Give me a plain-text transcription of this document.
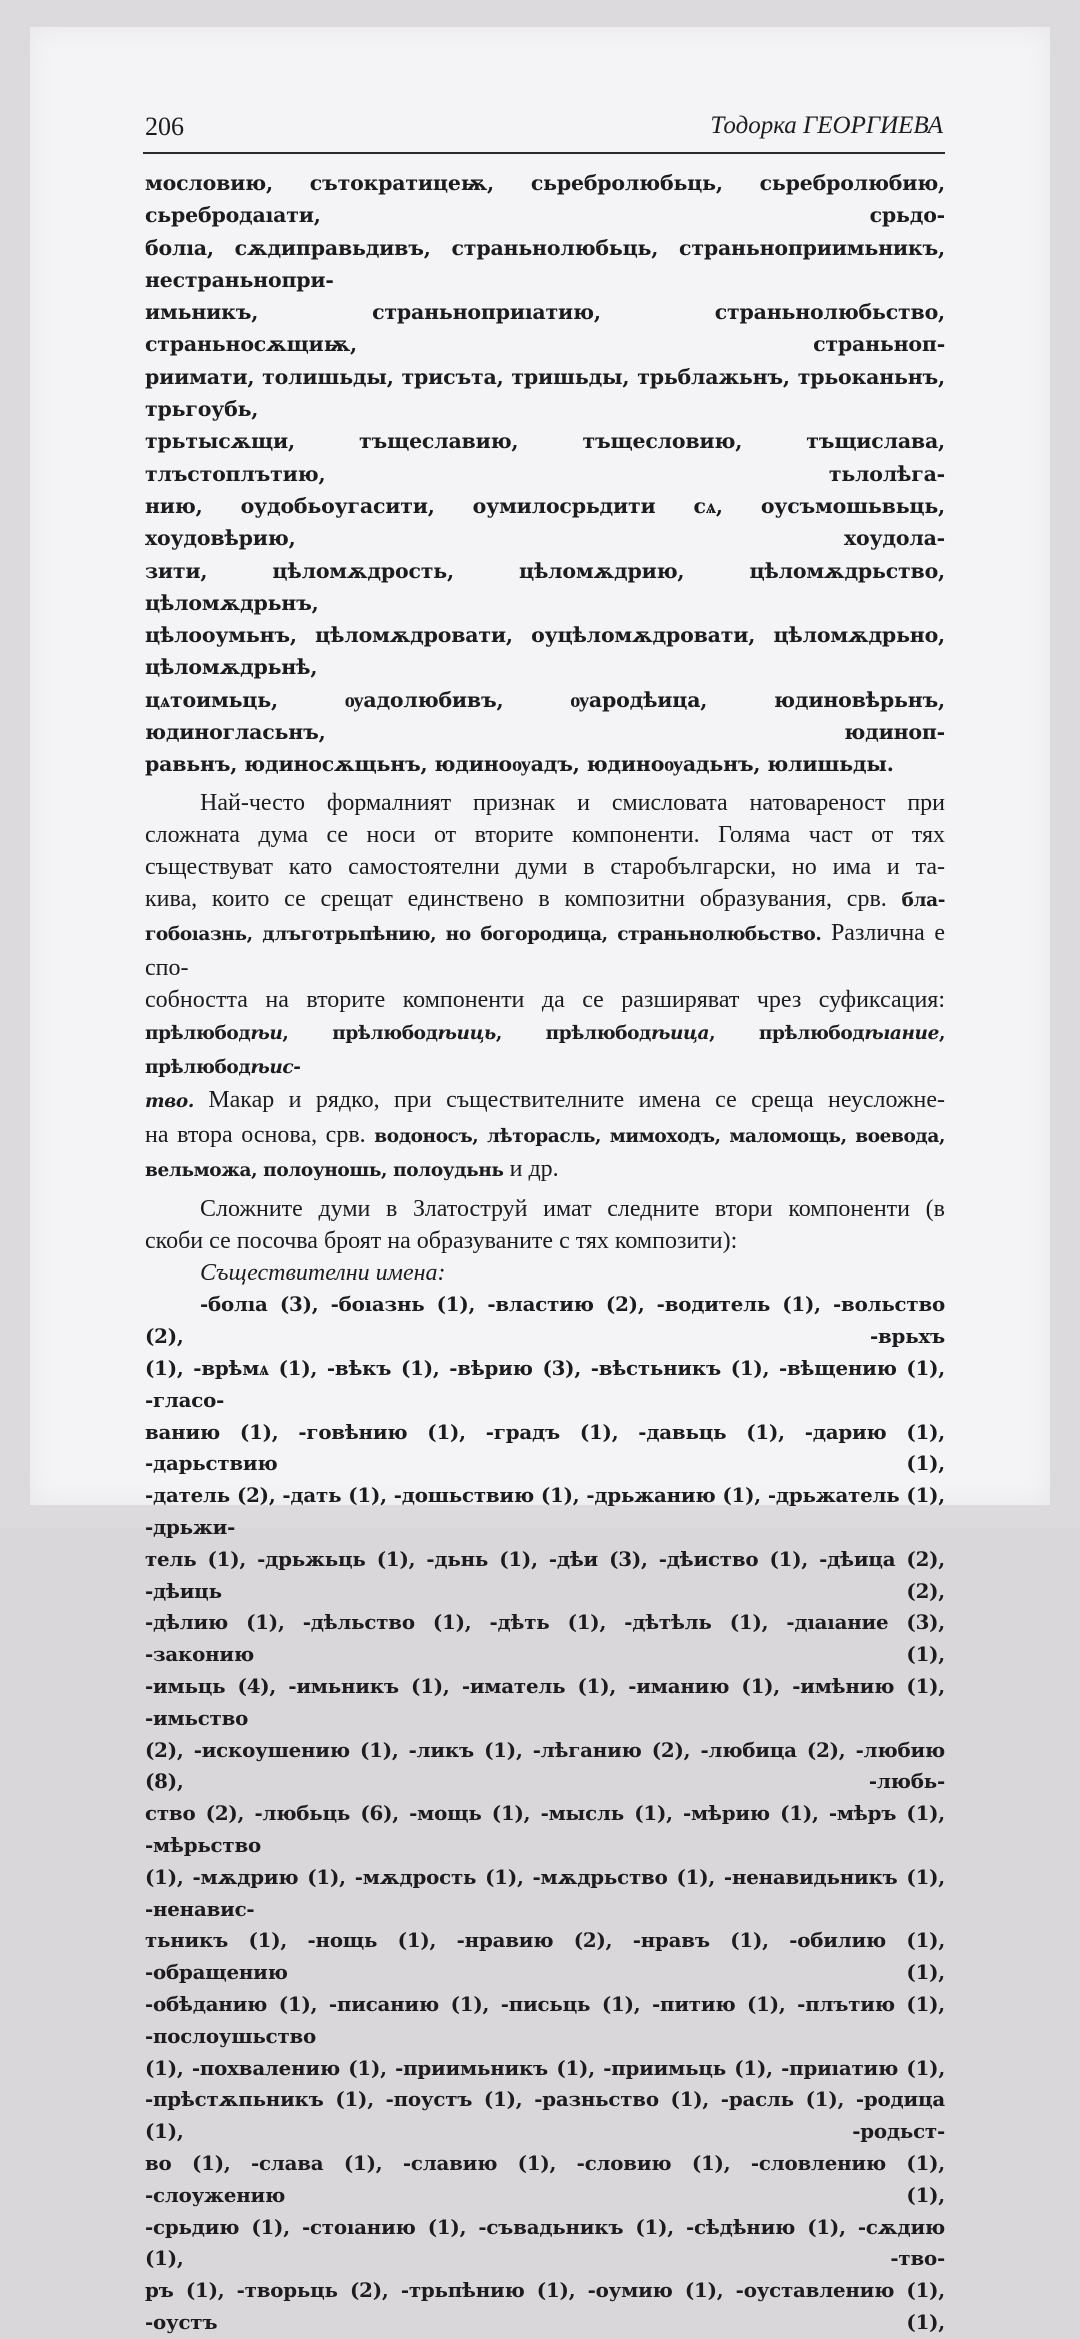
206	Тодорка ГЕОРГИЕВА

мословию, сътократицеѭ, сьребролюбьць, сьребролюбию, сьребродаıати, срьдо-

болıа, сѫдиправьдивъ, страньнолюбьць, страньноприимьникъ, нестраньнопри-

имьникъ, страньноприıатию, страньнолюбьство, страньносѫщиѭ, страньноп-

риимати, толишьды, трисъта, тришьды, трьблажьнъ, трьоканьнъ, трьгоубь,

трьтысѫщи, тъщеславию, тъщесловию, тъщислава, тлъстоплътию, тьлолѣга-

нию, оудобьоугасити, оумилосрьдити сѧ, оусъмошьвьць, хоудовѣрию, хоудола-

зити, цѣломѫдрость, цѣломѫдрию, цѣломѫдрьство, цѣломѫдрьнъ,

цѣлооумьнъ, цѣломѫдровати, оуцѣломѫдровати, цѣломѫдрьно, цѣломѫдрьнѣ,

цѧтоимьць, ѹадолюбивъ, ѹародѣица, юдиновѣрьнъ, юдиногласьнъ, юдиноп-

равьнъ, юдиносѫщьнъ, юдиноѹадъ, юдиноѹадьнъ, юлишьды.

Най-често формалният признак и смисловата натовареност при

сложната дума се носи от вторите компоненти. Голяма част от тях

съществуват като самостоятелни думи в старобългарски, но има и та-

кива, които се срещат единствено в композитни образувания, срв. бла-

гобоıазнь, длъготрьпѣнию, но богородица, страньнолюбьство. Различна е спо-

собността на вторите компоненти да се разширяват чрез суфиксация:

прѣлюбодѣи, прѣлюбодѣиць, прѣлюбодѣица, прѣлюбодѣıание, прѣлюбодѣис-

тво. Макар и рядко, при съществителните имена се среща неусложне-

на втора основа, срв. водоносъ, лѣторасль, мимоходъ, маломощь, воевода,

вельможа, полоуношь, полоудьнь и др.

Сложните думи в Златоструй имат следните втори компоненти (в

скоби се посочва броят на образуваните с тях композити):

Съществителни имена:

-болıа (3), -боıазнь (1), -властию (2), -водитель (1), -вольство (2), -врьхъ

(1), -врѣмѧ (1), -вѣкъ (1), -вѣрию (3), -вѣстьникъ (1), -вѣщению (1), -гласо-

ванию (1), -говѣнию (1), -градъ (1), -давьць (1), -дарию (1), -дарьствию (1),

-датель (2), -дать (1), -дошьствию (1), -дрьжанию (1), -дрьжатель (1), -дрьжи-

тель (1), -дрьжьць (1), -дьнь (1), -дѣи (3), -дѣиство (1), -дѣица (2), -дѣиць (2),

-дѣлию (1), -дѣльство (1), -дѣть (1), -дѣтѣль (1), -дıаıание (3), -законию (1),

-имьць (4), -имьникъ (1), -иматель (1), -иманию (1), -имѣнию (1), -имьство

(2), -искоушению (1), -ликъ (1), -лѣганию (2), -любица (2), -любию (8), -любь-

ство (2), -любьць (6), -мощь (1), -мысль (1), -мѣрию (1), -мѣръ (1), -мѣрьство

(1), -мѫдрию (1), -мѫдрость (1), -мѫдрьство (1), -ненавидьникъ (1), -ненавис-

тьникъ (1), -нощь (1), -нравию (2), -нравъ (1), -обилию (1), -обращению (1),

-обѣданию (1), -писанию (1), -письць (1), -питию (1), -плътию (1), -послоушьство

(1), -похвалению (1), -приимьникъ (1), -приимьць (1), -приıатию (1),

-прѣстѫпьникъ (1), -поустъ (1), -разньство (1), -расль (1), -родица (1), -родьст-

во (1), -слава (1), -славию (1), -словию (1), -словлению (1), -слоужению (1),

-срьдию (1), -стоıанию (1), -съвадьникъ (1), -сѣдѣнию (1), -сѫдию (1), -тво-

ръ (1), -творьць (2), -трьпѣнию (1), -оумию (1), -оуставлению (1), -оустъ (1),
